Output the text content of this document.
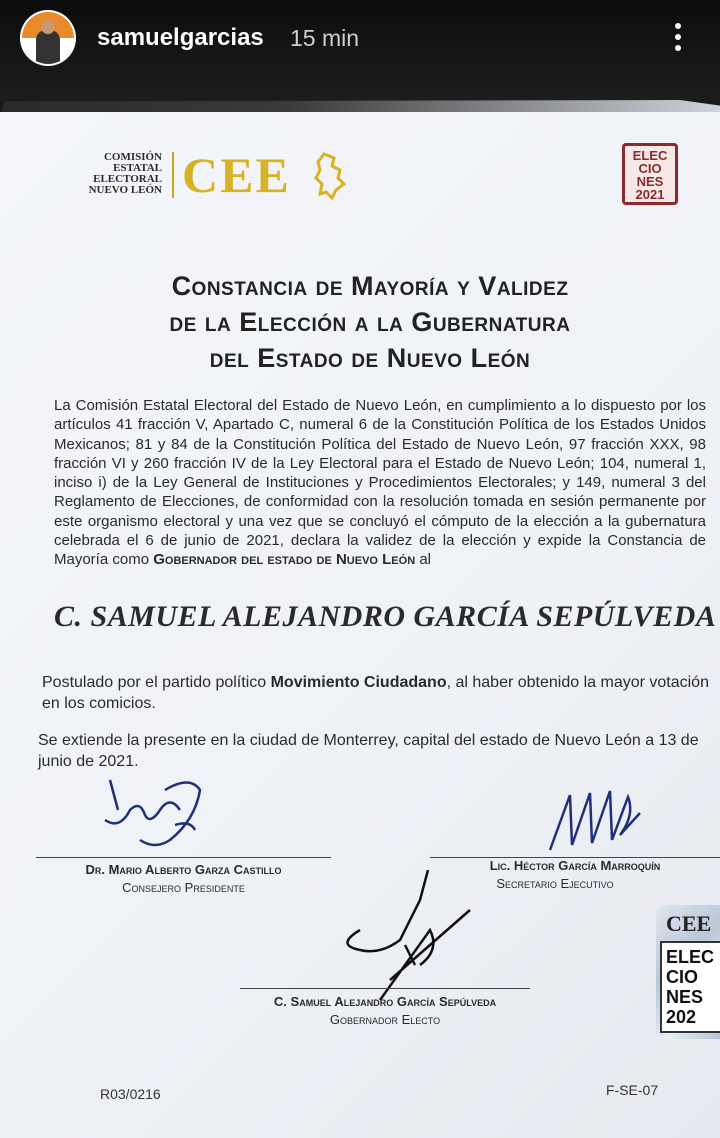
samuelgarcias 15 min
COMISIÓN
ESTATAL
ELECTORAL
NUEVO LEÓN CEE	ELEC
CIO
NES
2021
Constancia de Mayoría y Validez
de la Elección a la Gubernatura
del Estado de Nuevo León
La Comisión Estatal Electoral del Estado de Nuevo León, en cumplimiento a lo dispuesto por los artículos 41 fracción V, Apartado C, numeral 6 de la Constitución Política de los Estados Unidos Mexicanos; 81 y 84 de la Constitución Política del Estado de Nuevo León, 97 fracción XXX, 98 fracción VI y 260 fracción IV de la Ley Electoral para el Estado de Nuevo León; 104, numeral 1, inciso i) de la Ley General de Instituciones y Procedimientos Electorales; y 149, numeral 3 del Reglamento de Elecciones, de conformidad con la resolución tomada en sesión permanente por este organismo electoral y una vez que se concluyó el cómputo de la elección a la gubernatura celebrada el 6 de junio de 2021, declara la validez de la elección y expide la Constancia de Mayoría como Gobernador del estado de Nuevo León al
C. SAMUEL ALEJANDRO GARCÍA SEPÚLVEDA
Postulado por el partido político Movimiento Ciudadano, al haber obtenido la mayor votación en los comicios.
Se extiende la presente en la ciudad de Monterrey, capital del estado de Nuevo León a 13 de junio de 2021.
Dr. Mario Alberto Garza Castillo
Consejero Presidente
Lic. Héctor García Marroquín
Secretario Ejecutivo
C. Samuel Alejandro García Sepúlveda
Gobernador Electo
R03/0216	F-SE-07
CEE
ELEC
CIO
NES
202
